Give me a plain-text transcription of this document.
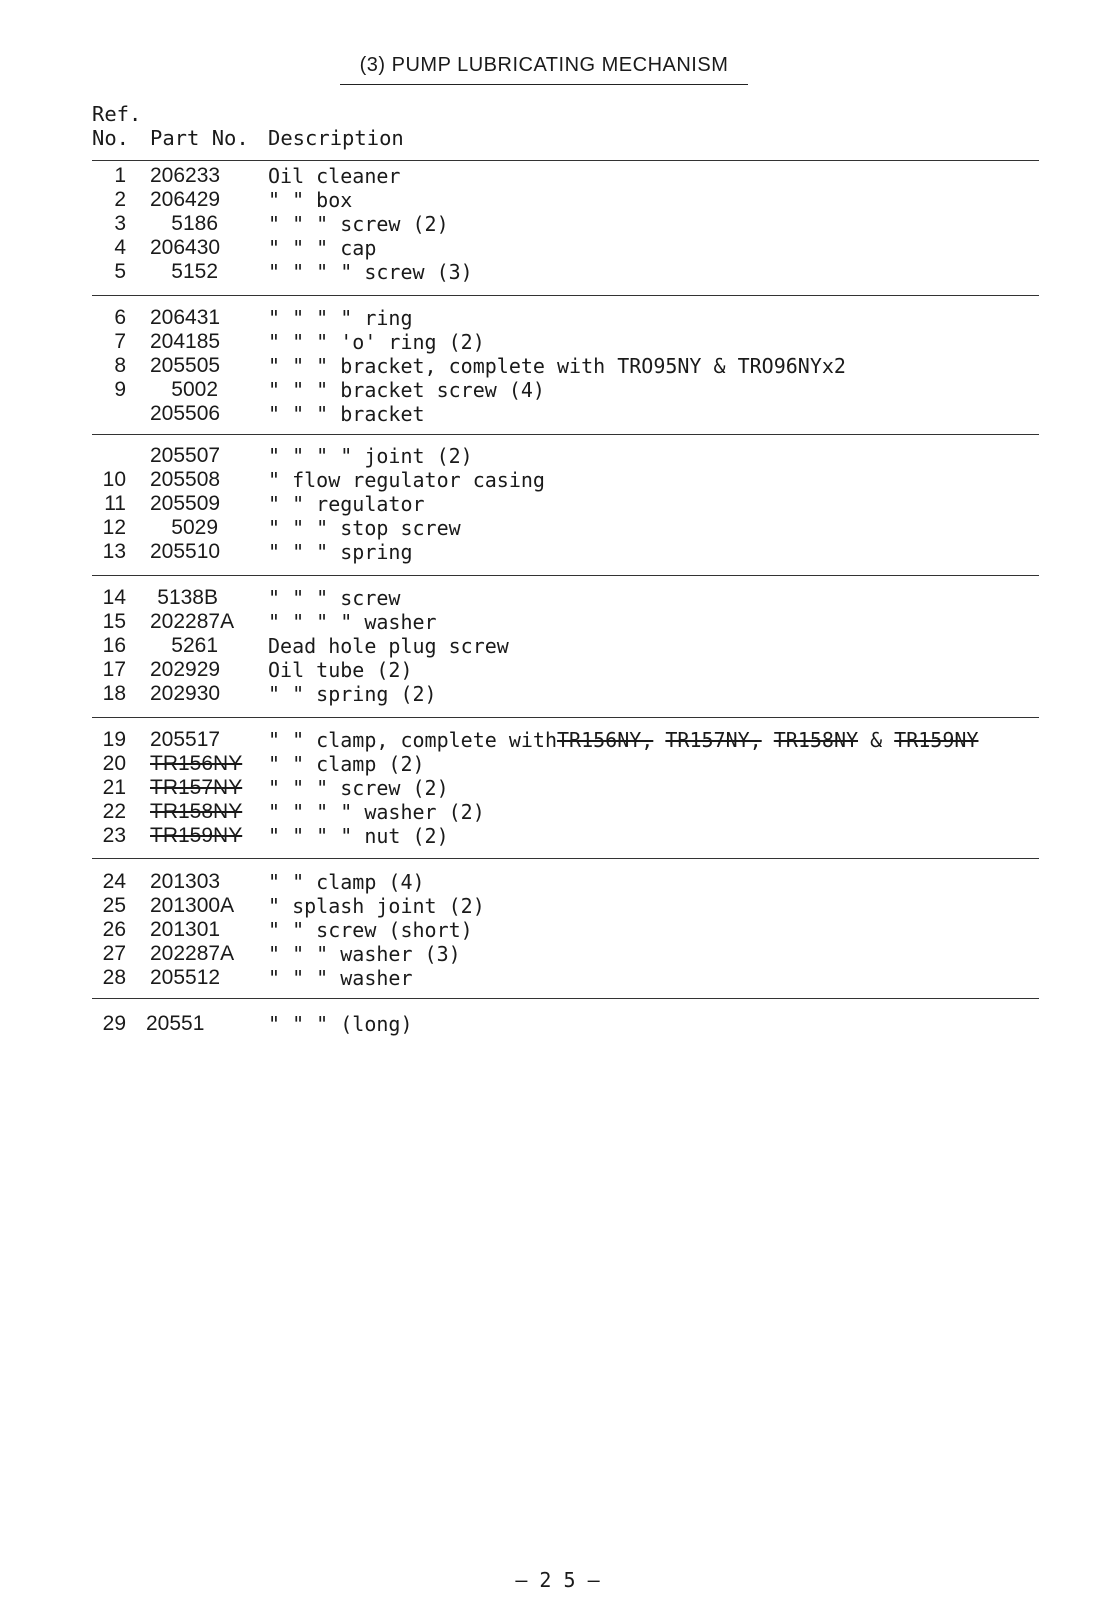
(3) PUMP LUBRICATING MECHANISM
Ref.
No. Part No. Description
1 206233 Oil cleaner
2 206429 " " box
3	5186	" " " screw (2)
4 206430 " " " cap
5	5152	" " " " screw (3)
6 206431 " " " " ring
7 204185 " " " 'o' ring (2)
8 205505 " " " bracket, complete with TRO95NY & TRO96NYx2
9	5002	" " " bracket screw (4)
205506 " " " bracket
205507 " " " " joint (2)
10 205508 " flow regulator casing
11 205509 " " regulator
12	5029	" " " stop screw
13 205510 " " " spring
14	5138B	" " " screw
15 202287A " " " " washer
16	5261	Dead hole plug screw
17 202929 Oil tube (2)
18 202930 " " spring (2)
19 205517 " " clamp, complete withTR156NY, TR157NY, TR158NY & TR159NY
20 TR156NY " " clamp (2)
21 TR157NY " " " screw (2)
22 TR158NY " " " " washer (2)
23 TR159NY " " " " nut (2)
24 201303 " " clamp (4)
25 201300A " splash joint (2)
26 201301 " " screw (short)
27 202287A " " " washer (3)
28 205512 " " " washer
29 20551	" " " (long)
— 2 5 —
